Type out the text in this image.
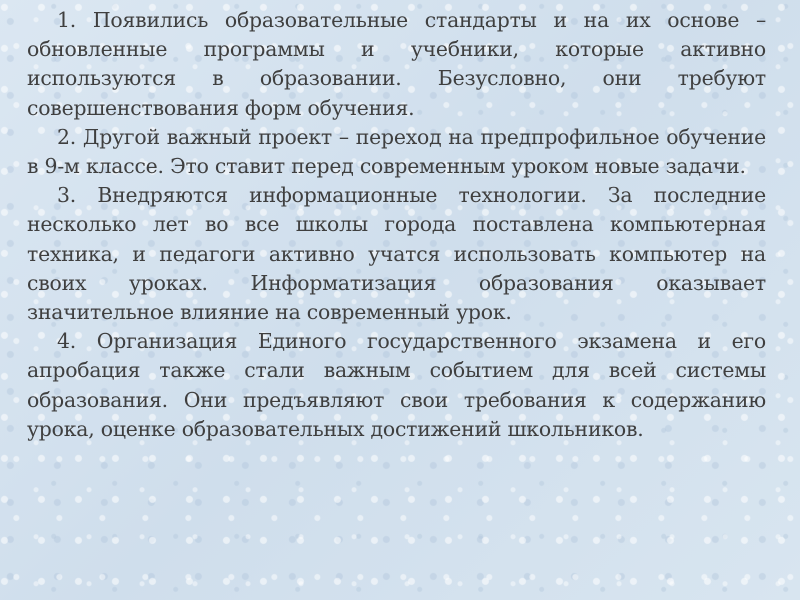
1. Появились образовательные стандарты и на их основе – обновленные программы и учебники, которые активно используются в образовании. Безусловно, они требуют совершенствования форм обучения.

2. Другой важный проект – переход на предпрофильное обучение в 9-м классе. Это ставит перед современным уроком новые задачи.

3. Внедряются информационные технологии. За последние несколько лет во все школы города поставлена компьютерная техника, и педагоги активно учатся использовать компьютер на своих уроках. Информатизация образования оказывает значительное влияние на современный урок.

4. Организация Единого государственного экзамена и его апробация также стали важным событием для всей системы образования. Они предъявляют свои требования к содержанию урока, оценке образовательных достижений школьников.
